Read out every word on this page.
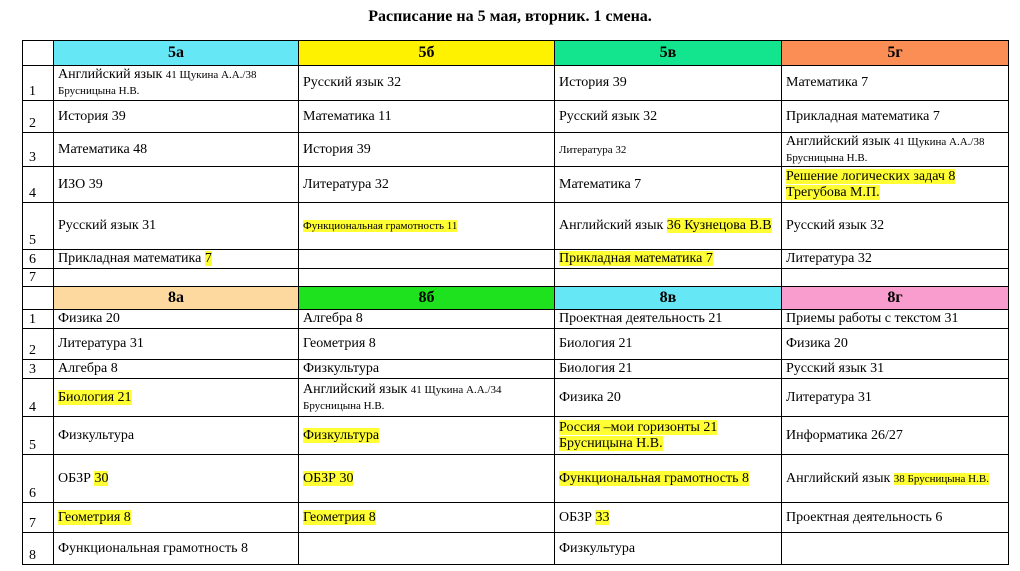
Расписание на 5 мая, вторник. 1 смена.
	5а	5б	5в	5г
1	Английский язык 41 Щукина А.А./38 Брусницына Н.В.	Русский язык 32	История 39	Математика 7
2	История 39	Математика 11	Русский язык 32	Прикладная математика 7
3	Математика 48	История 39	Литература 32	Английский язык 41 Щукина А.А./38 Брусницына Н.В.
4	ИЗО 39	Литература 32	Математика 7	Решение логических задач 8 Трегубова М.П.
5	Русский язык 31	Функциональная грамотность 11	Английский язык 36 Кузнецова В.В	Русский язык 32
6	Прикладная математика 7		Прикладная математика 7	Литература 32
7				
	8а	8б	8в	8г
1	Физика 20	Алгебра 8	Проектная деятельность 21	Приемы работы с текстом 31
2	Литература 31	Геометрия 8	Биология 21	Физика 20
3	Алгебра 8	Физкультура	Биология 21	Русский язык 31
4	Биология 21	Английский язык 41 Щукина А.А./34 Брусницына Н.В.	Физика 20	Литература 31
5	Физкультура	Физкультура	Россия –мои горизонты 21 Брусницына Н.В.	Информатика 26/27
6	ОБЗР 30	ОБЗР 30	Функциональная грамотность 8	Английский язык 38 Брусницына Н.В.
7	Геометрия 8	Геометрия 8	ОБЗР 33	Проектная деятельность 6
8	Функциональная грамотность 8		Физкультура	
